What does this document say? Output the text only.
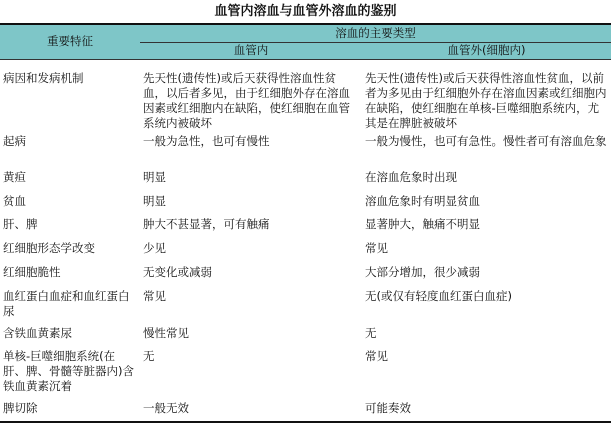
血管内溶血与血管外溶血的鉴别
重要特征	溶血的主要类型	
	血管内	血管外(细胞内)
病因和发病机制	先天性(遗传性)或后天获得性溶血性贫血，以后者多见，由于红细胞外存在溶血因素或红细胞内在缺陷，使红细胞在血管系统内被破坏	先天性(遗传性)或后天获得性溶血性贫血，以前者为多见由于红细胞外存在溶血因素或红细胞内在缺陷，使红细胞在单核-巨噬细胞系统内，尤其是在脾脏被破坏
起病	一般为急性，也可有慢性	一般为慢性，也可有急性。慢性者可有溶血危象
黄疸	明显	在溶血危象时出现
贫血	明显	溶血危象时有明显贫血
肝、脾	肿大不甚显著，可有触痛	显著肿大，触痛不明显
红细胞形态学改变	少见	常见
红细胞脆性	无变化或减弱	大部分增加，很少减弱
血红蛋白血症和血红蛋白尿	常见	无(或仅有轻度血红蛋白血症)
含铁血黄素尿	慢性常见	无
单核-巨噬细胞系统(在肝、脾、骨髓等脏器内)含铁血黄素沉着	无	常见
脾切除	一般无效	可能奏效
